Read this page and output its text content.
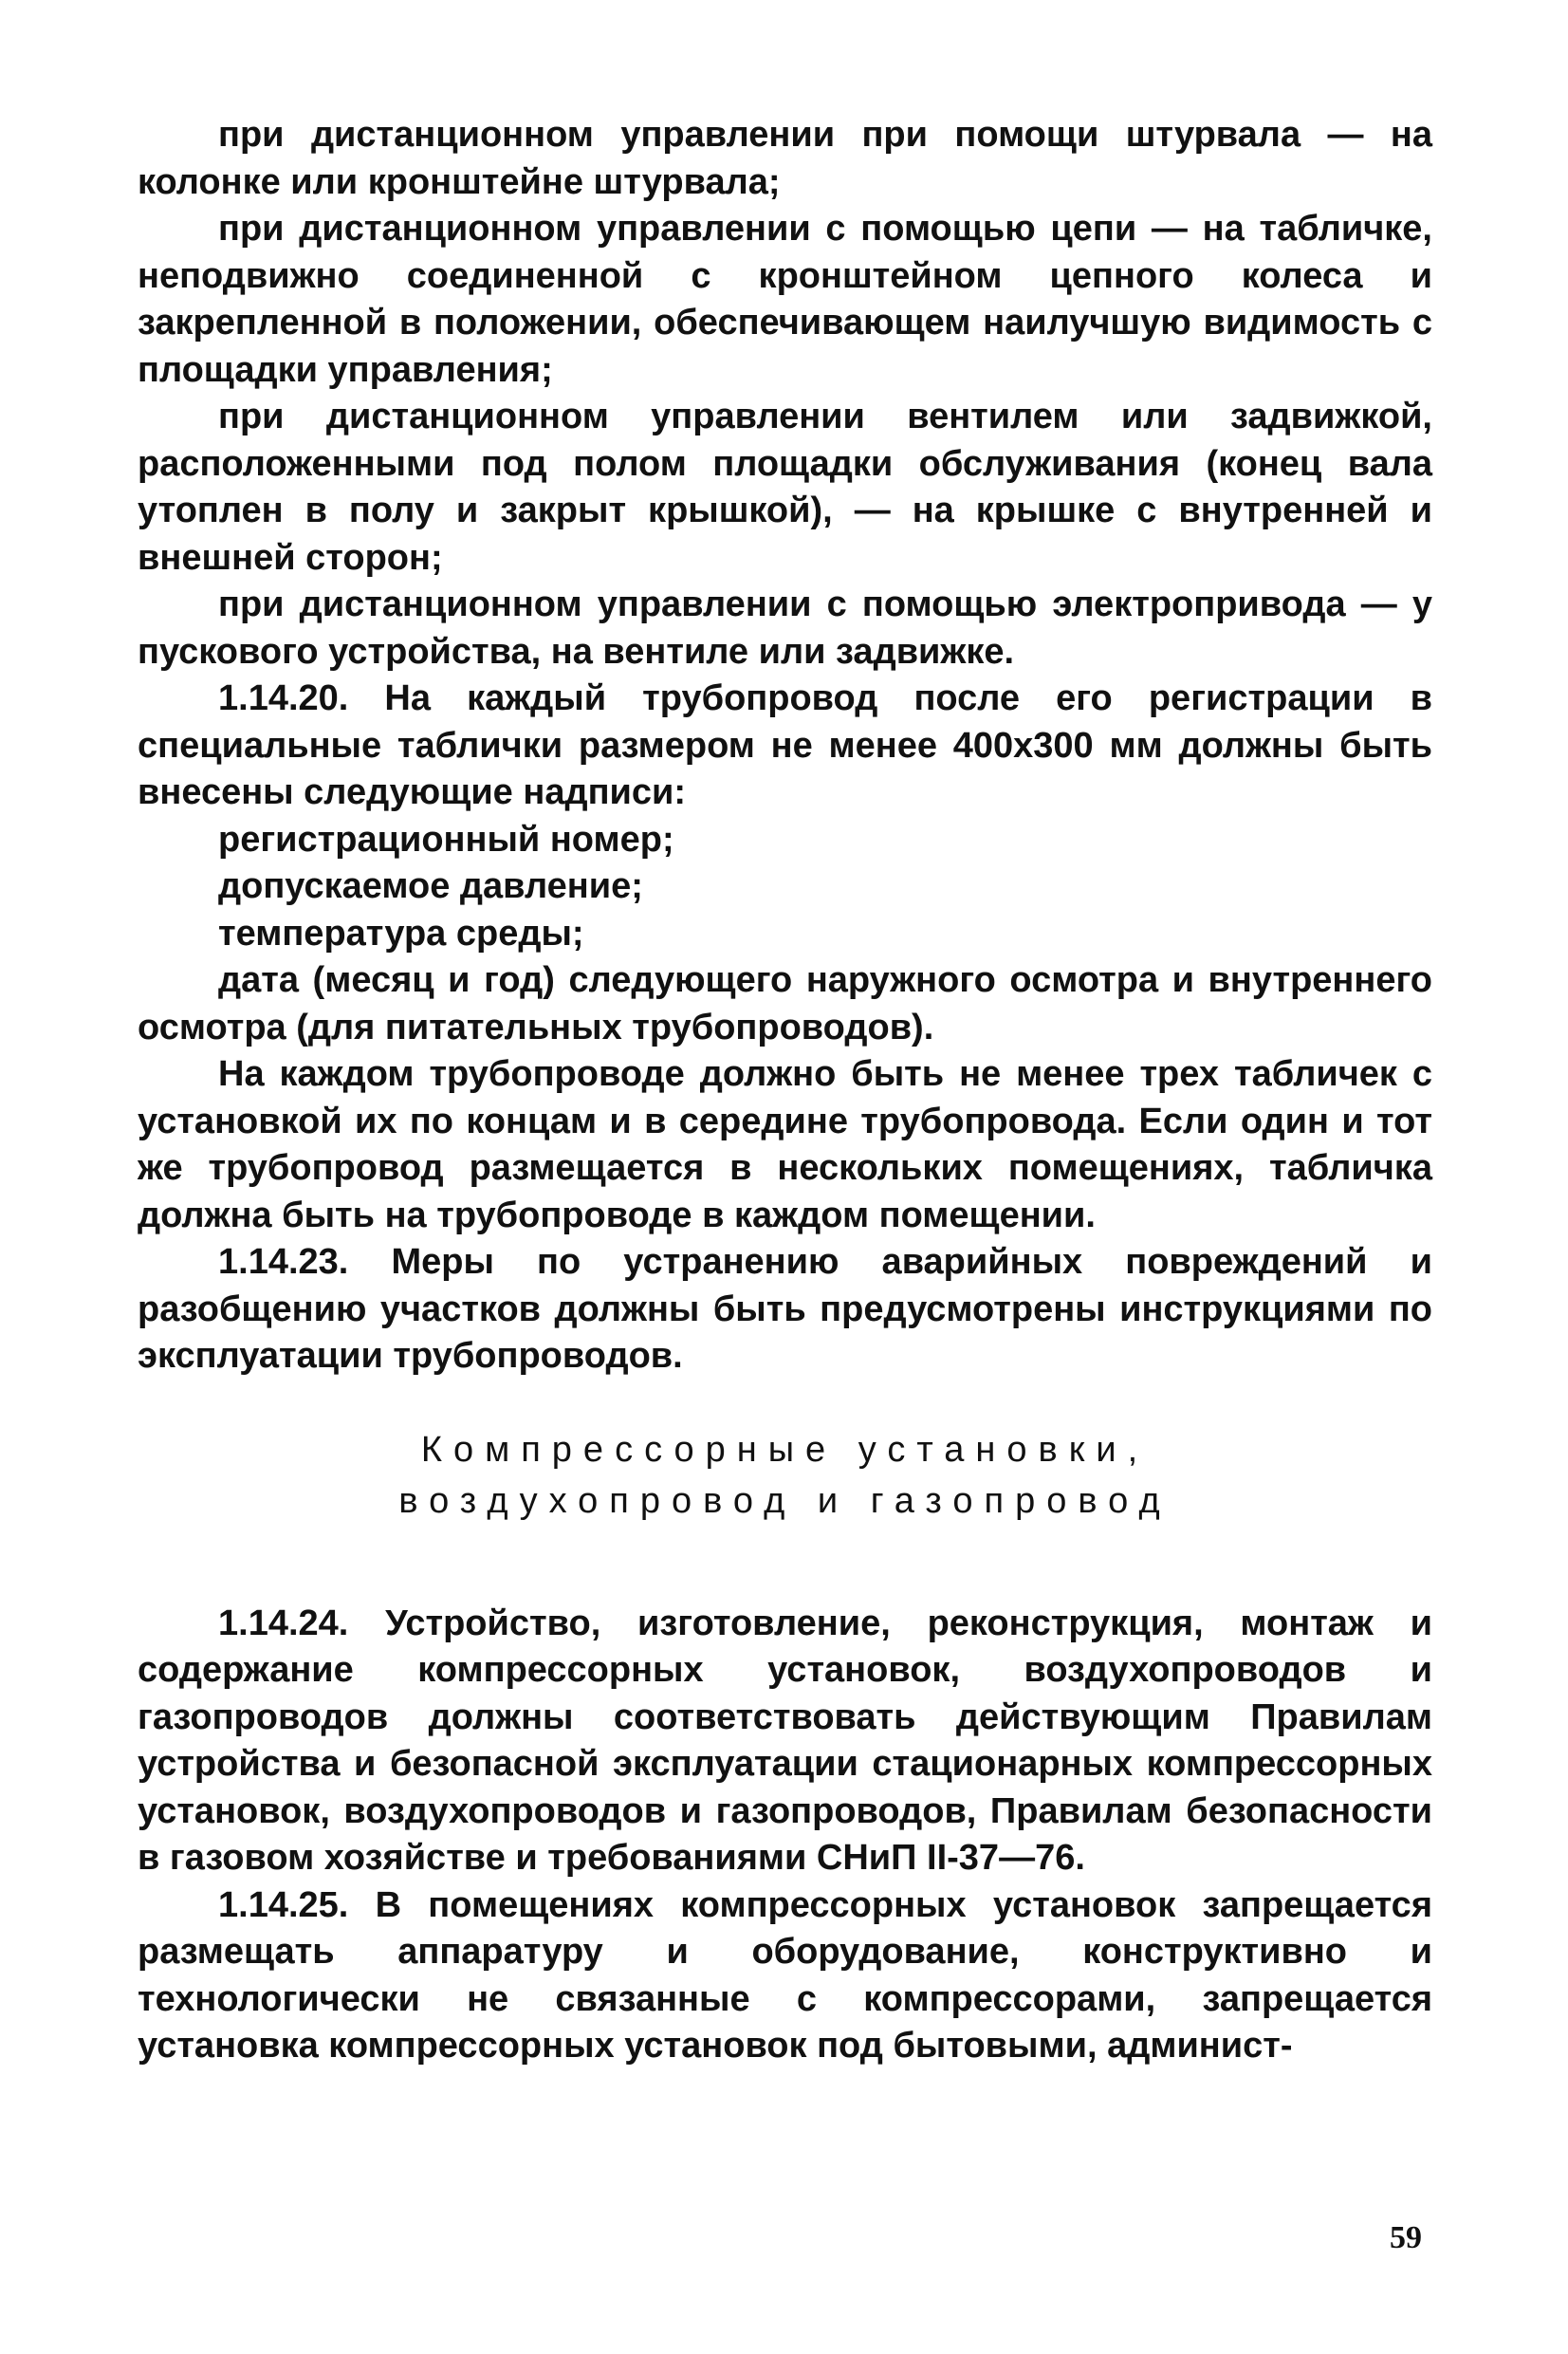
при дистанционном управлении при помощи штурвала — на колонке или кронштейне штурвала;

при дистанционном управлении с помощью цепи — на табличке, неподвижно соединенной с кронштейном цепного колеса и закрепленной в положении, обеспечивающем наилучшую видимость с площадки управления;

при дистанционном управлении вентилем или задвижкой, расположенными под полом площадки обслуживания (конец вала утоплен в полу и закрыт крышкой), — на крышке с внутренней и внешней сторон;

при дистанционном управлении с помощью электропривода — у пускового устройства, на вентиле или задвижке.

1.14.20. На каждый трубопровод после его регистрации в специальные таблички размером не менее 400x300 мм должны быть внесены следующие надписи:

регистрационный номер;

допускаемое давление;

температура среды;

дата (месяц и год) следующего наружного осмотра и внутреннего осмотра (для питательных трубопроводов).

На каждом трубопроводе должно быть не менее трех табличек с установкой их по концам и в середине трубопровода. Если один и тот же трубопровод размещается в нескольких помещениях, табличка должна быть на трубопроводе в каждом помещении.

1.14.23. Меры по устранению аварийных повреждений и разобщению участков должны быть предусмотрены инструкциями по эксплуатации трубопроводов.

Компрессорные установки,
воздухопровод и газопровод

1.14.24. Устройство, изготовление, реконструкция, монтаж и содержание компрессорных установок, воздухопроводов и газопроводов должны соответствовать действующим Правилам устройства и безопасной эксплуатации стационарных компрессорных установок, воздухопроводов и газопроводов, Правилам безопасности в газовом хозяйстве и требованиями СНиП II-37—76.

1.14.25. В помещениях компрессорных установок запрещается размещать аппаратуру и оборудование, конструктивно и технологически не связанные с компрессорами, запрещается установка компрессорных установок под бытовыми, админист-

59
